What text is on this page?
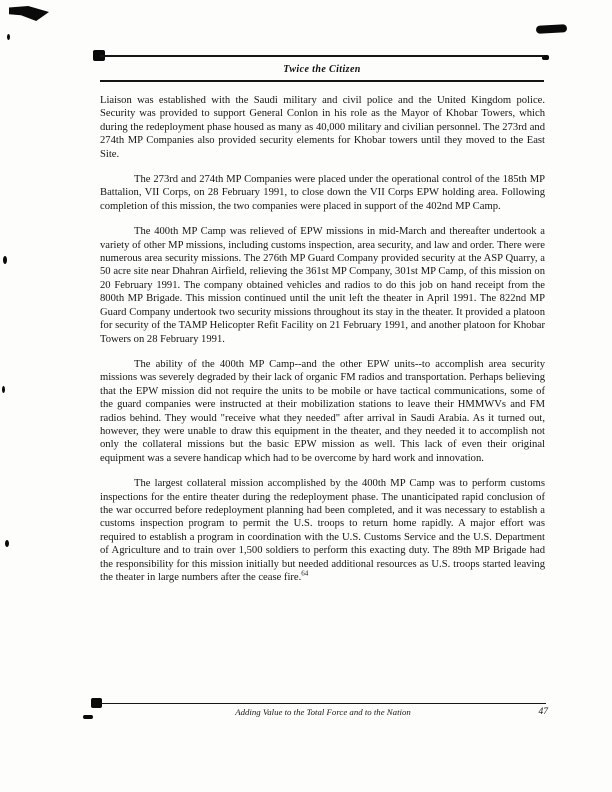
Twice the Citizen

Liaison was established with the Saudi military and civil police and the United Kingdom police. Security was provided to support General Conlon in his role as the Mayor of Khobar Towers, which during the redeployment phase housed as many as 40,000 military and civilian personnel. The 273rd and 274th MP Companies also provided security elements for Khobar towers until they moved to the East Site.

The 273rd and 274th MP Companies were placed under the operational control of the 185th MP Battalion, VII Corps, on 28 February 1991, to close down the VII Corps EPW holding area. Following completion of this mission, the two companies were placed in support of the 402nd MP Camp.

The 400th MP Camp was relieved of EPW missions in mid-March and thereafter undertook a variety of other MP missions, including customs inspection, area security, and law and order. There were numerous area security missions. The 276th MP Guard Company provided security at the ASP Quarry, a 50 acre site near Dhahran Airfield, relieving the 361st MP Company, 301st MP Camp, of this mission on 20 February 1991. The company obtained vehicles and radios to do this job on hand receipt from the 800th MP Brigade. This mission continued until the unit left the theater in April 1991. The 822nd MP Guard Company undertook two security missions throughout its stay in the theater. It provided a platoon for security of the TAMP Helicopter Refit Facility on 21 February 1991, and another platoon for Khobar Towers on 28 February 1991.

The ability of the 400th MP Camp--and the other EPW units--to accomplish area security missions was severely degraded by their lack of organic FM radios and transportation. Perhaps believing that the EPW mission did not require the units to be mobile or have tactical communications, some of the guard companies were instructed at their mobilization stations to leave their HMMWVs and FM radios behind. They would "receive what they needed" after arrival in Saudi Arabia. As it turned out, however, they were unable to draw this equipment in the theater, and they needed it to accomplish not only the collateral missions but the basic EPW mission as well. This lack of even their original equipment was a severe handicap which had to be overcome by hard work and innovation.

The largest collateral mission accomplished by the 400th MP Camp was to perform customs inspections for the entire theater during the redeployment phase. The unanticipated rapid conclusion of the war occurred before redeployment planning had been completed, and it was necessary to establish a customs inspection program to permit the U.S. troops to return home rapidly. A major effort was required to establish a program in coordination with the U.S. Customs Service and the U.S. Department of Agriculture and to train over 1,500 soldiers to perform this exacting duty. The 89th MP Brigade had the responsibility for this mission initially but needed additional resources as U.S. troops started leaving the theater in large numbers after the cease fire.$^{64}$

Adding Value to the Total Force and to the Nation	47
